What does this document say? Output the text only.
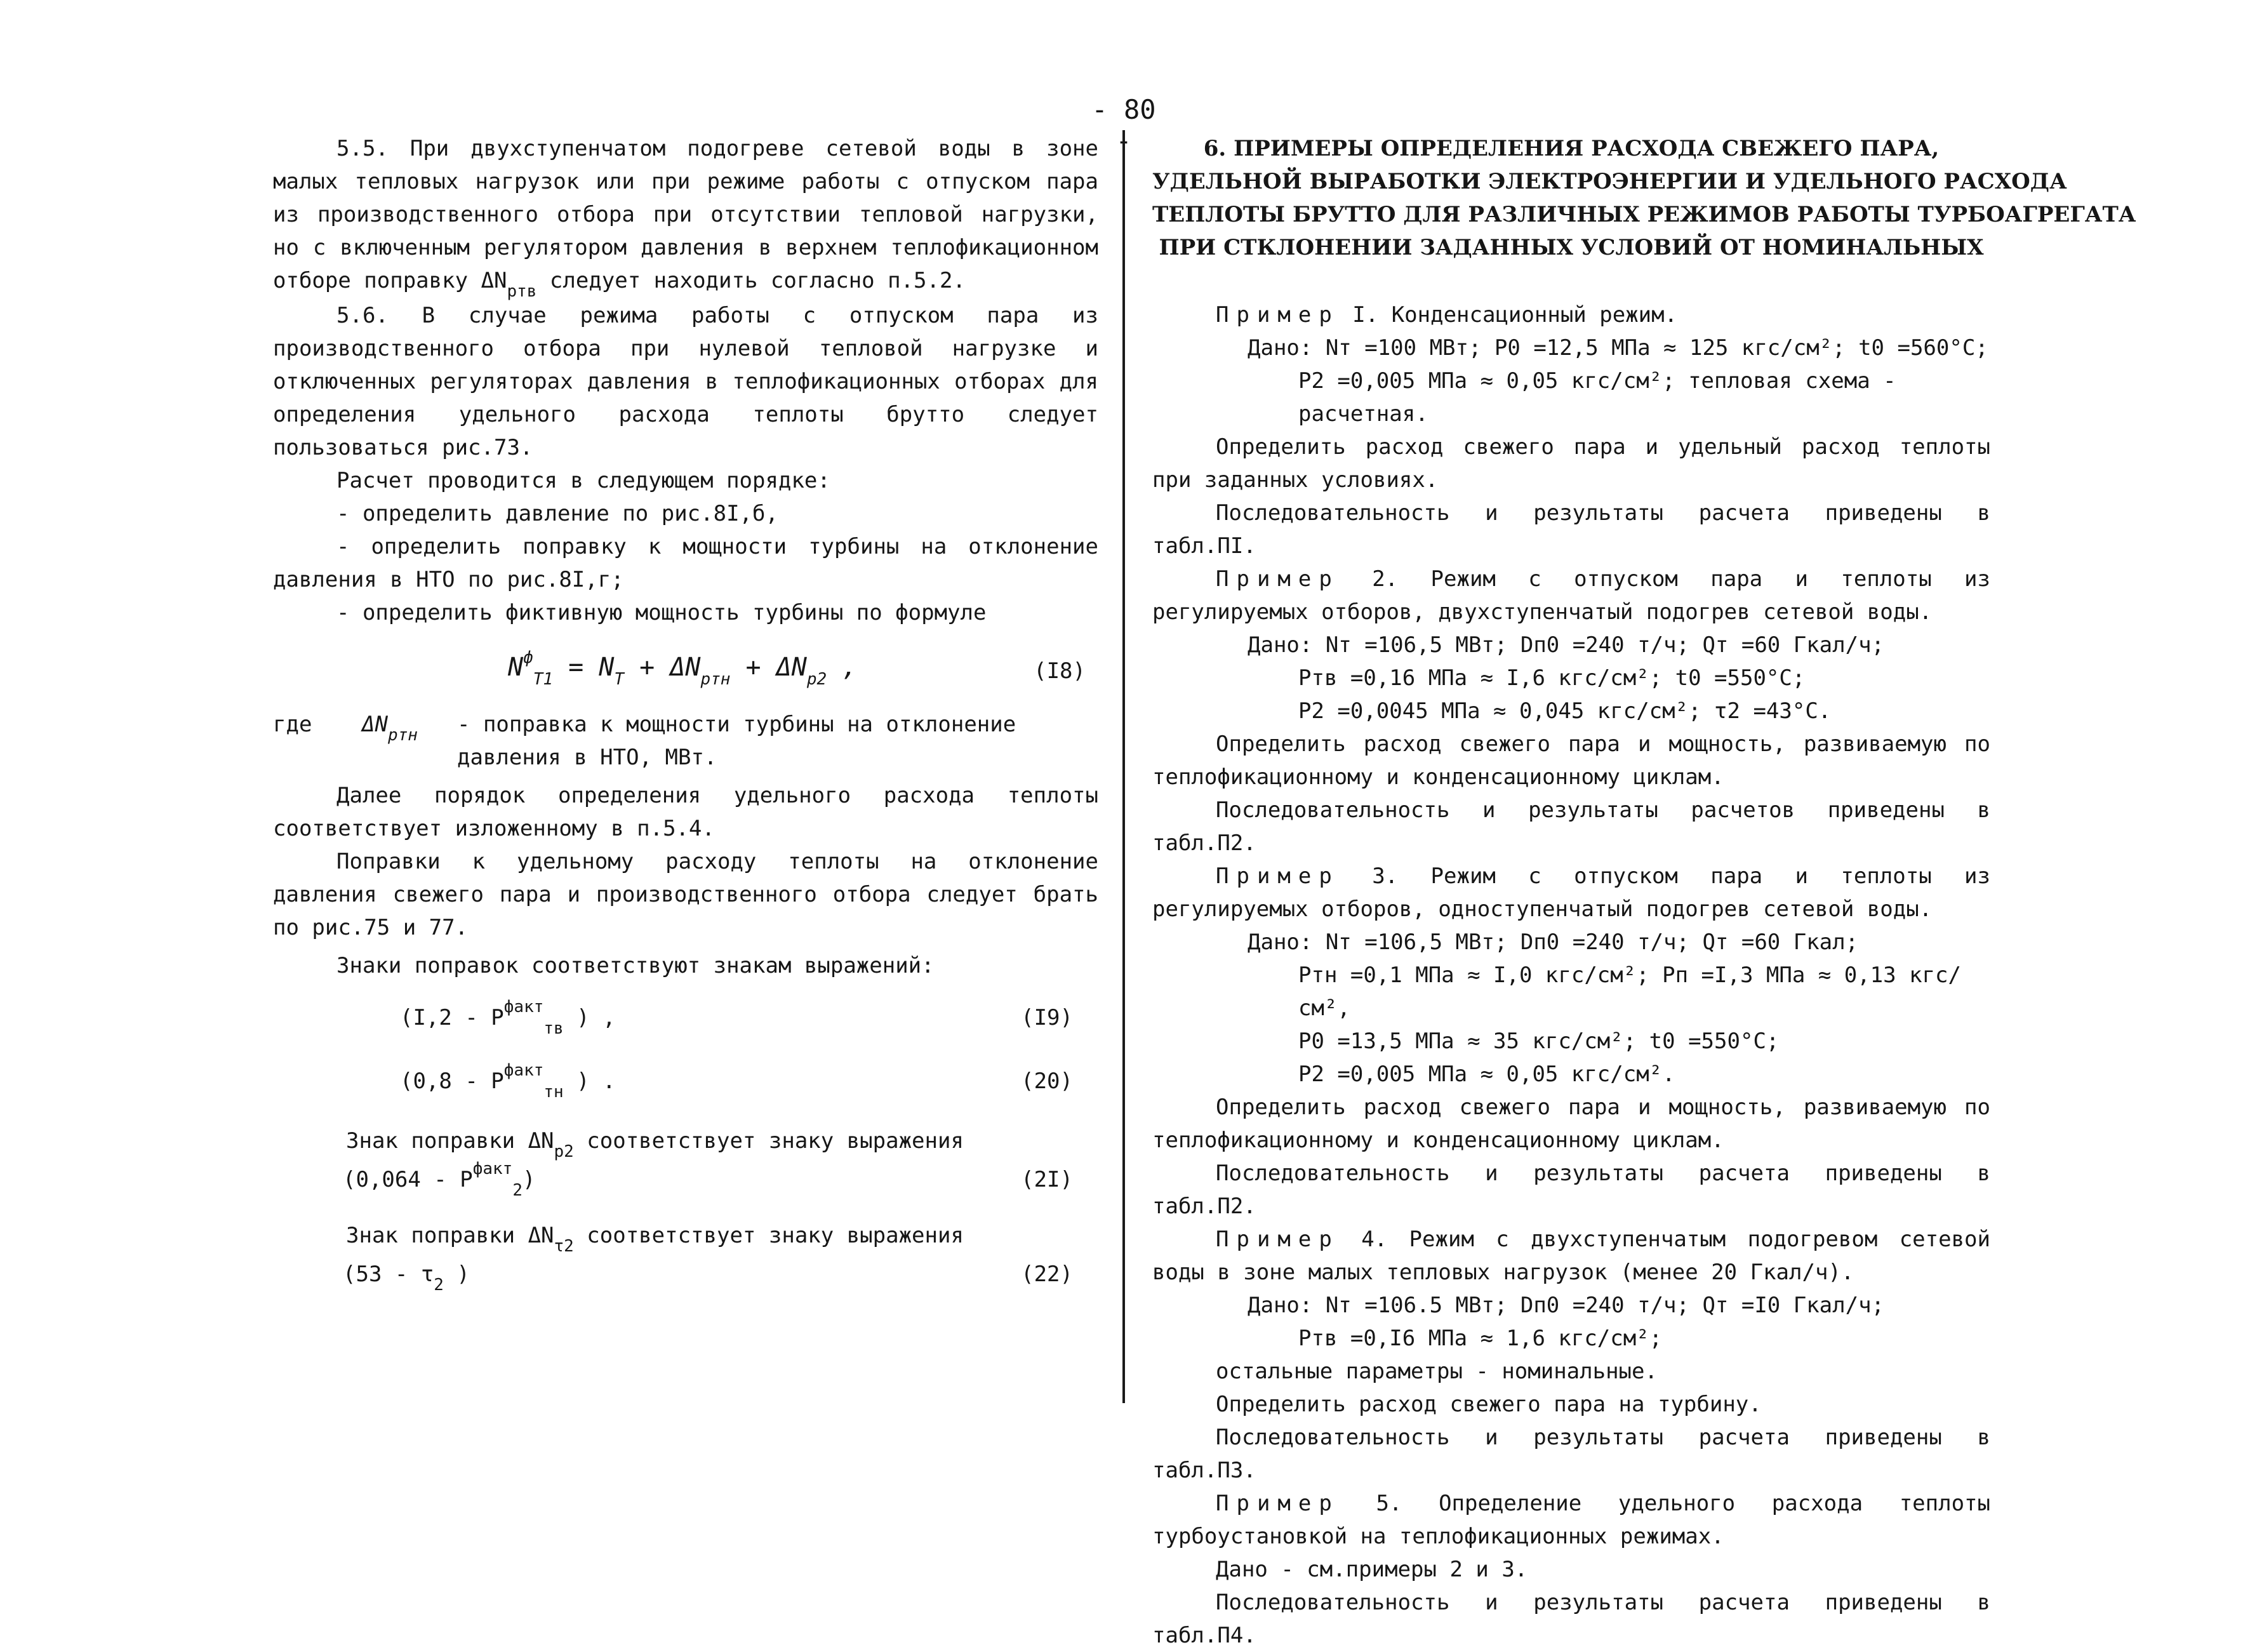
- 80 -

5.5. При двухступенчатом подогреве сетевой воды в зоне малых тепловых нагрузок или при режиме работы с отпуском пара из производственного отбора при отсутствии тепловой нагрузки, но с включенным регулятором давления в верхнем теплофикационном отборе поправку $\Delta N_{pтв}$ следует находить согласно п.5.2.

5.6. В случае режима работы с отпуском пара из производственного отбора при нулевой тепловой нагрузке и отключенных регуляторах давления в теплофикационных отборах для определения удельного расхода теплоты брутто следует пользоваться рис.73.

Расчет проводится в следующем порядке:

- определить давление по рис.8I,б,

- определить поправку к мощности турбины на отклонение давления в НТО по рис.8I,г;

- определить фиктивную мощность турбины по формуле

$N^ф_{T1} = N_T + \Delta N_{pтн} + \Delta N_{p2}$ ,	(I8)
где	$\Delta N_{pтн}$	- поправка к мощности турбины на отклонение давления в НТО, МВт.

Далее порядок определения удельного расхода теплоты соответствует изложенному в п.5.4.

Поправки к удельному расходу теплоты на отклонение давления свежего пара и производственного отбора следует брать по рис.75 и 77.

Знаки поправок соответствуют знакам выражений:

($I,2 - P^{факт}_{тв}$ ) ,	(I9)
($0,8 - P^{факт}_{тн}$ ) .	(20)

Знак поправки $\Delta N_{p2}$ соответствует знаку выражения

$(0,064 - P^{факт}_2)$	(2I)

Знак поправки $\Delta N_{\tau 2}$ соответствует знаку выражения

($53 - \tau_2$ )	(22)
6. ПРИМЕРЫ ОПРЕДЕЛЕНИЯ РАСХОДА СВЕЖЕГО ПАРА,
УДЕЛЬНОЙ ВЫРАБОТКИ ЭЛЕКТРОЭНЕРГИИ И УДЕЛЬНОГО РАСХОДА
ТЕПЛОТЫ БРУТТО ДЛЯ РАЗЛИЧНЫХ РЕЖИМОВ РАБОТЫ ТУРБОАГРЕГАТА
ПРИ СТКЛОНЕНИИ ЗАДАННЫХ УСЛОВИЙ ОТ НОМИНАЛЬНЫХ

Пример I. Конденсационный режим.

Дано: Nт =100 МВт; P0 =12,5 МПа ≈ 125 кгс/см²; t0 =560°С;

P2 =0,005 МПа ≈ 0,05 кгс/см²; тепловая схема - расчетная.

Определить расход свежего пара и удельный расход теплоты при заданных условиях.

Последовательность и результаты расчета приведены в табл.ПI.

Пример 2. Режим с отпуском пара и теплоты из регулируемых отборов, двухступенчатый подогрев сетевой воды.

Дано: Nт =106,5 МВт; Dп0 =240 т/ч; Qт =60 Гкал/ч;

Pтв =0,16 МПа ≈ I,6 кгс/см²; t0 =550°С;

P2 =0,0045 МПа ≈ 0,045 кгс/см²; τ2 =43°С.

Определить расход свежего пара и мощность, развиваемую по теплофикационному и конденсационному циклам.

Последовательность и результаты расчетов приведены в табл.П2.

Пример 3. Режим с отпуском пара и теплоты из регулируемых отборов, одноступенчатый подогрев сетевой воды.

Дано: Nт =106,5 МВт; Dп0 =240 т/ч; Qт =60 Гкал;

Pтн =0,1 МПа ≈ I,0 кгс/см²; Pп =I,3 МПа ≈ 0,13 кгс/см²,

P0 =13,5 МПа ≈ 35 кгс/см²; t0 =550°С;

P2 =0,005 МПа ≈ 0,05 кгс/см².

Определить расход свежего пара и мощность, развиваемую по теплофикационному и конденсационному циклам.

Последовательность и результаты расчета приведены в табл.П2.

Пример 4. Режим с двухступенчатым подогревом сетевой воды в зоне малых тепловых нагрузок (менее 20 Гкал/ч).

Дано: Nт =106.5 МВт; Dп0 =240 т/ч; Qт =I0 Гкал/ч;

Pтв =0,I6 МПа ≈ 1,6 кгс/см²;

остальные параметры - номинальные.

Определить расход свежего пара на турбину.

Последовательность и результаты расчета приведены в табл.П3.

Пример 5. Определение удельного расхода теплоты турбоустановкой на теплофикационных режимах.

Дано - см.примеры 2 и 3.

Последовательность и результаты расчета приведены в табл.П4.
